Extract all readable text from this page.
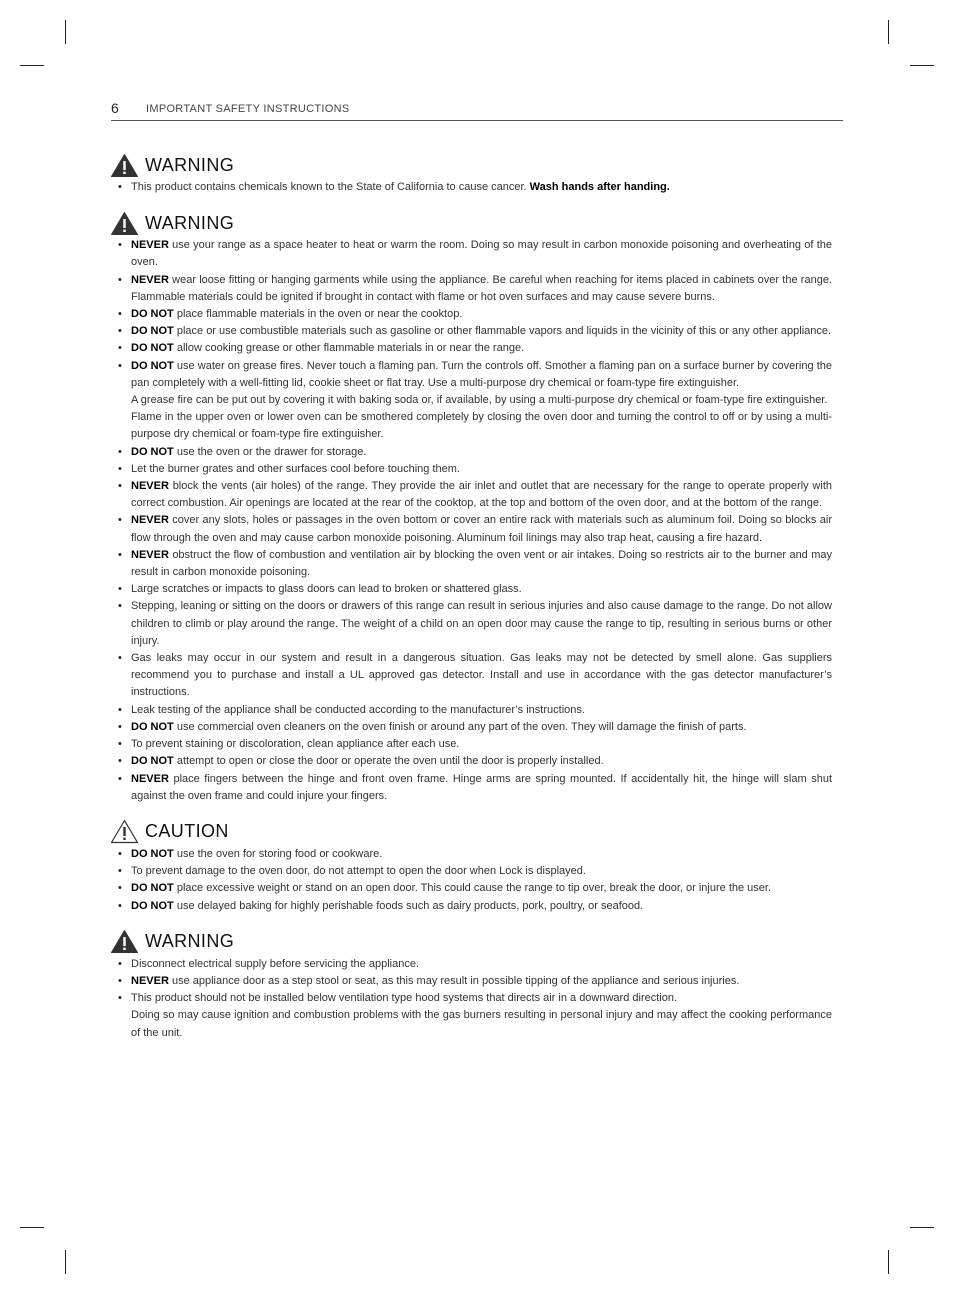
6 IMPORTANT SAFETY INSTRUCTIONS
WARNING
• This product contains chemicals known to the State of California to cause cancer. Wash hands after handing.
WARNING
• NEVER use your range as a space heater to heat or warm the room. Doing so may result in carbon monoxide poisoning and overheating of the oven.
• NEVER wear loose fitting or hanging garments while using the appliance. Be careful when reaching for items placed in cabinets over the range. Flammable materials could be ignited if brought in contact with flame or hot oven surfaces and may cause severe burns.
• DO NOT place flammable materials in the oven or near the cooktop.
• DO NOT place or use combustible materials such as gasoline or other flammable vapors and liquids in the vicinity of this or any other appliance.
• DO NOT allow cooking grease or other flammable materials in or near the range.
• DO NOT use water on grease fires. Never touch a flaming pan. Turn the controls off. Smother a flaming pan on a surface burner by covering the pan completely with a well-fitting lid, cookie sheet or flat tray. Use a multi-purpose dry chemical or foam-type fire extinguisher.
A grease fire can be put out by covering it with baking soda or, if available, by using a multi-purpose dry chemical or foam-type fire extinguisher.
Flame in the upper oven or lower oven can be smothered completely by closing the oven door and turning the control to off or by using a multi-purpose dry chemical or foam-type fire extinguisher.
• DO NOT use the oven or the drawer for storage.
• Let the burner grates and other surfaces cool before touching them.
• NEVER block the vents (air holes) of the range. They provide the air inlet and outlet that are necessary for the range to operate properly with correct combustion. Air openings are located at the rear of the cooktop, at the top and bottom of the oven door, and at the bottom of the range.
• NEVER cover any slots, holes or passages in the oven bottom or cover an entire rack with materials such as aluminum foil. Doing so blocks air flow through the oven and may cause carbon monoxide poisoning. Aluminum foil linings may also trap heat, causing a fire hazard.
• NEVER obstruct the flow of combustion and ventilation air by blocking the oven vent or air intakes. Doing so restricts air to the burner and may result in carbon monoxide poisoning.
• Large scratches or impacts to glass doors can lead to broken or shattered glass.
• Stepping, leaning or sitting on the doors or drawers of this range can result in serious injuries and also cause damage to the range. Do not allow children to climb or play around the range. The weight of a child on an open door may cause the range to tip, resulting in serious burns or other injury.
• Gas leaks may occur in our system and result in a dangerous situation. Gas leaks may not be detected by smell alone. Gas suppliers recommend you to purchase and install a UL approved gas detector. Install and use in accordance with the gas detector manufacturer’s instructions.
• Leak testing of the appliance shall be conducted according to the manufacturer’s instructions.
• DO NOT use commercial oven cleaners on the oven finish or around any part of the oven. They will damage the finish of parts.
• To prevent staining or discoloration, clean appliance after each use.
• DO NOT attempt to open or close the door or operate the oven until the door is properly installed.
• NEVER place fingers between the hinge and front oven frame. Hinge arms are spring mounted. If accidentally hit, the hinge will slam shut against the oven frame and could injure your fingers.
CAUTION
• DO NOT use the oven for storing food or cookware.
• To prevent damage to the oven door, do not attempt to open the door when Lock is displayed.
• DO NOT place excessive weight or stand on an open door. This could cause the range to tip over, break the door, or injure the user.
• DO NOT use delayed baking for highly perishable foods such as dairy products, pork, poultry, or seafood.
WARNING
• Disconnect electrical supply before servicing the appliance.
• NEVER use appliance door as a step stool or seat, as this may result in possible tipping of the appliance and serious injuries.
• This product should not be installed below ventilation type hood systems that directs air in a downward direction.
Doing so may cause ignition and combustion problems with the gas burners resulting in personal injury and may affect the cooking performance of the unit.
